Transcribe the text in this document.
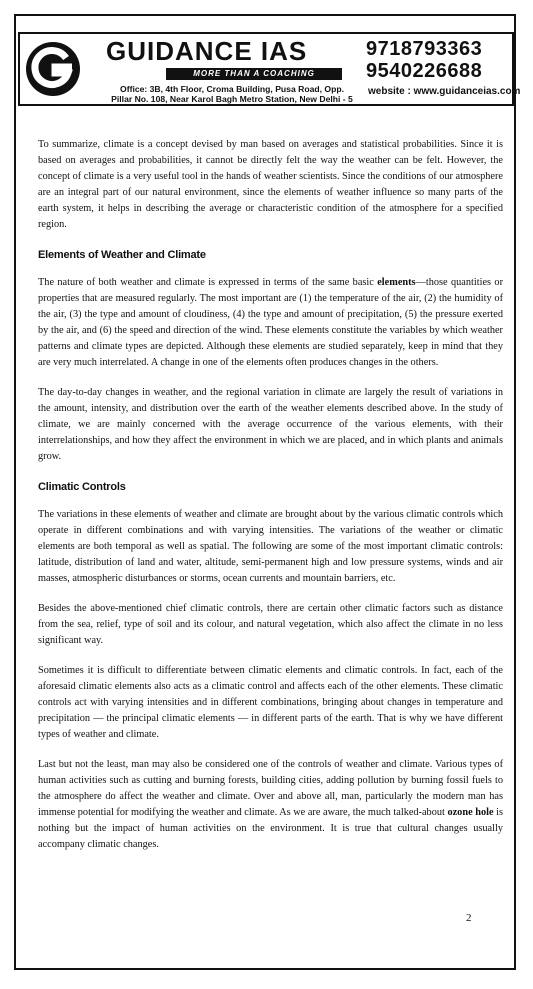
GUIDANCE IAS
MORE THAN A COACHING
Office: 3B, 4th Floor, Croma Building, Pusa Road, Opp.
Pillar No. 108, Near Karol Bagh Metro Station, New Delhi - 5
9718793363
9540226688
website : www.guidanceias.com

To summarize, climate is a concept devised by man based on averages and statistical probabilities. Since it is based on averages and probabilities, it cannot be directly felt the way the weather can be felt. However, the concept of climate is a very useful tool in the hands of weather scientists. Since the conditions of our atmosphere are an integral part of our natural environment, since the elements of weather influence so many parts of the earth system, it helps in describing the average or characteristic condition of the atmosphere for a specified region.

Elements of Weather and Climate

The nature of both weather and climate is expressed in terms of the same basic elements—those quantities or properties that are measured regularly. The most important are (1) the temperature of the air, (2) the humidity of the air, (3) the type and amount of cloudiness, (4) the type and amount of precipitation, (5) the pressure exerted by the air, and (6) the speed and direction of the wind. These elements constitute the variables by which weather patterns and climate types are depicted. Although these elements are studied separately, keep in mind that they are very much interrelated. A change in one of the elements often produces changes in the others.

The day-to-day changes in weather, and the regional variation in climate are largely the result of variations in the amount, intensity, and distribution over the earth of the weather elements described above. In the study of climate, we are mainly concerned with the average occurrence of the various elements, with their interrelationships, and how they affect the environment in which we are placed, and in which plants and animals grow.

Climatic Controls

The variations in these elements of weather and climate are brought about by the various climatic controls which operate in different combinations and with varying intensities. The variations of the weather or climatic elements are both temporal as well as spatial. The following are some of the most important climatic controls: latitude, distribution of land and water, altitude, semi-permanent high and low pressure systems, winds and air masses, atmospheric disturbances or storms, ocean currents and mountain barriers, etc.

Besides the above-mentioned chief climatic controls, there are certain other climatic factors such as distance from the sea, relief, type of soil and its colour, and natural vegetation, which also affect the climate in no less significant way.

Sometimes it is difficult to differentiate between climatic elements and climatic controls. In fact, each of the aforesaid climatic elements also acts as a climatic control and affects each of the other elements. These climatic controls act with varying intensities and in different combinations, bringing about changes in temperature and precipitation — the principal climatic elements — in different parts of the earth. That is why we have different types of weather and climate.

Last but not the least, man may also be considered one of the controls of weather and climate. Various types of human activities such as cutting and burning forests, building cities, adding pollution by burning fossil fuels to the atmosphere do affect the weather and climate. Over and above all, man, particularly the modern man has immense potential for modifying the weather and climate. As we are aware, the much talked-about ozone hole is nothing but the impact of human activities on the environment. It is true that cultural changes usually accompany climatic changes.

2
